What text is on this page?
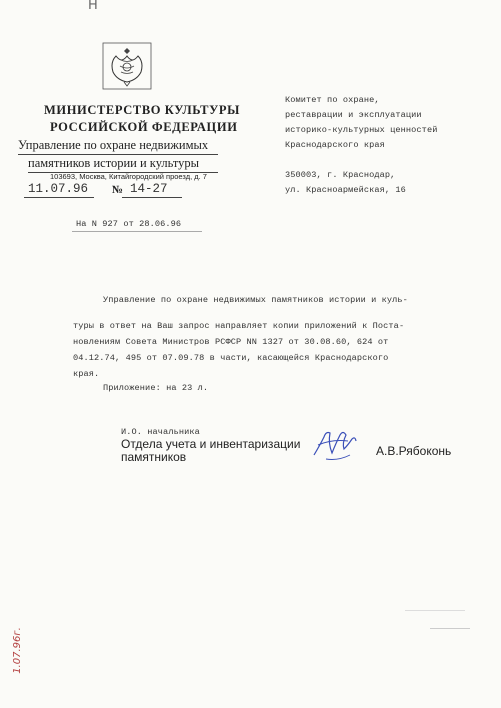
H
МИНИСТЕРСТВО КУЛЬТУРЫ
РОССИЙСКОЙ ФЕДЕРАЦИИ
Управление по охране недвижимых
памятников истории и культуры
103693, Москва, Китайгородский проезд, д. 7
11.07.96 № 14-27
На N 927 от 28.06.96
Комитет по охране,
реставрации и эксплуатации
историко-культурных ценностей
Краснодарского края
350003, г. Краснодар,
ул. Красноармейская, 16
Управление по охране недвижимых памятников истории и куль-
туры в ответ на Ваш запрос направляет копии приложений к Поста-
новлениям Совета Министров РСФСР NN 1327 от 30.08.60, 624 от
04.12.74, 495 от 07.09.78 в части, касающейся Краснодарского
края.
Приложение: на 23 л.
И.О. начальника
Отдела учета и инвентаризации
памятников	А.В.Рябоконь
1.07.96г.
